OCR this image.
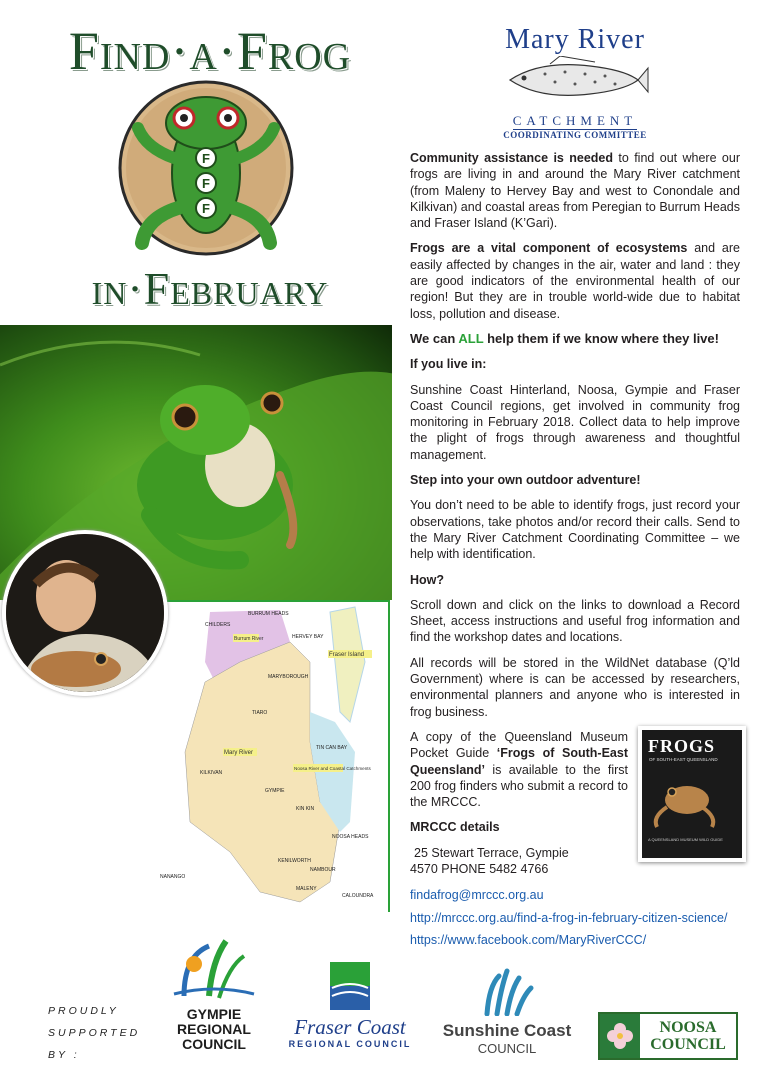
Find·a·Frog
in·February
F
F
F
Mary River
CATCHMENT
COORDINATING COMMITTEE

Community assistance is needed to find out where our frogs are living in and around the Mary River catchment (from Maleny to Hervey Bay and west to Conondale and Kilkivan) and coastal areas from Peregian to Burrum Heads and Fraser Island (K’Gari).

Frogs are a vital component of ecosystems and are easily affected by changes in the air, water and land : they are good indicators of the environmental health of our region! But they are in trouble world-wide due to habitat loss, pollution and disease.

We can ALL help them if we know where they live!

If you live in:

Sunshine Coast Hinterland, Noosa, Gympie and Fraser Coast Council regions, get involved in community frog monitoring in February 2018. Collect data to help improve the plight of frogs through awareness and thoughtful management.

Step into your own outdoor adventure!

You don’t need to be able to identify frogs, just record your observations, take photos and/or record their calls. Send to the Mary River Catchment Coordinating Committee – we help with identification.

How?

Scroll down and click on the links to download a Record Sheet, access instructions and useful frog information and find the workshop dates and locations.

All records will be stored in the WildNet database (Q’ld Government) where is can be accessed by researchers, environmental planners and anyone who is interested in frog business.

A copy of the Queensland Museum Pocket Guide ‘Frogs of South-East Queensland’ is available to the first 200 frog finders who submit a record to the MRCCC.

MRCCC details

25 Stewart Terrace, Gympie

4570 PHONE 5482 4766

findafrog@mrccc.org.au

http://mrccc.org.au/find-a-frog-in-february-citizen-science/

https://www.facebook.com/MaryRiverCCC/

BURRUM HEADS
CHILDERS
HERVEY BAY
MARYBOROUGH
TIARO
TIN CAN BAY
KILKIVAN
GYMPIE
KIN KIN
NOOSA HEADS
KENILWORTH
NAMBOUR
NANANGO
MALENY
CALOUNDRA
Burrum River
Fraser Island
Mary River
Noosa River and Coastal Catchments
FROGS
OF SOUTH-EAST QUEENSLAND
A QUEENSLAND MUSEUM WILD GUIDE
PROUDLY
SUPPORTED BY :
GYMPIE
REGIONAL
COUNCIL
Fraser Coast
REGIONAL COUNCIL
Sunshine Coast
COUNCIL
NOOSA
COUNCIL
